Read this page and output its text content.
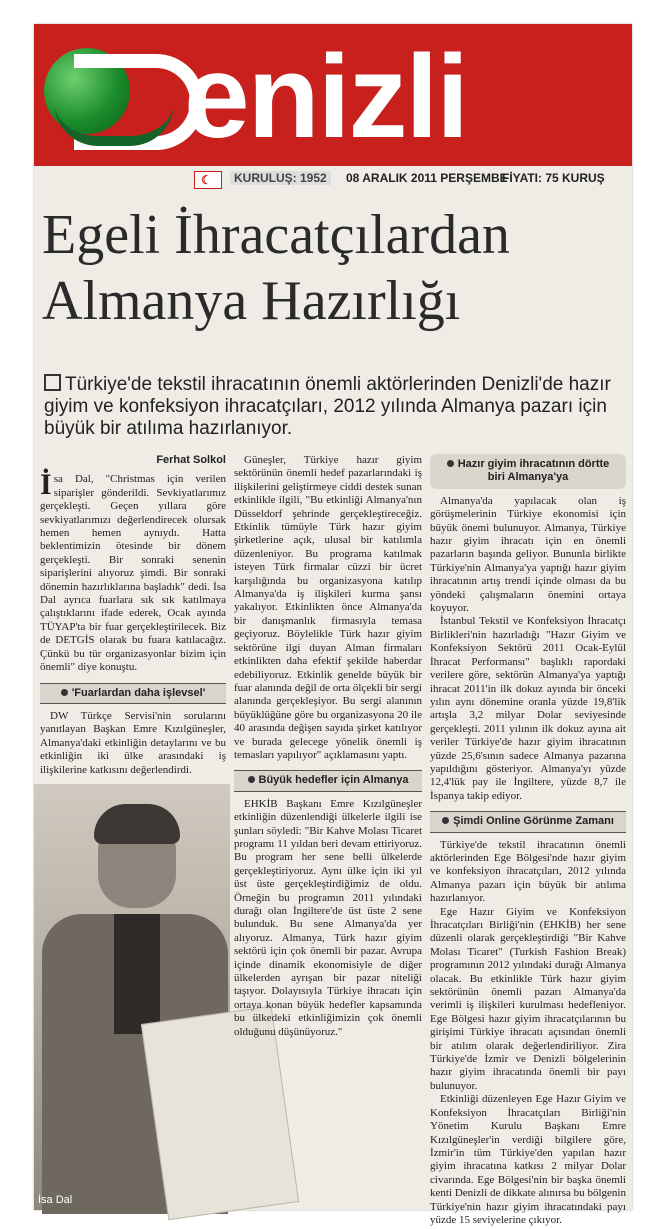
enizli
☾	KURULUŞ: 1952	08 ARALIK 2011 PERŞEMBE
FİYATI: 75 KURUŞ
Egeli İhracatçılardan
Almanya Hazırlığı
Türkiye'de tekstil ihracatının önemli aktörlerinden Denizli'de hazır giyim ve konfeksiyon ihracatçıları, 2012 yılında Almanya pazarı için büyük bir atılıma hazırlanıyor.
Ferhat Solkol
İ sa Dal, "Christmas için verilen siparişler gönderildi. Sevkiyatlarımız gerçekleşti. Geçen yıllara göre sevkiyatlarımızı değerlendirecek olursak hemen hemen aynıydı. Hatta beklentimizin ötesinde bir dönem gerçekleşti. Bir sonraki senenin siparişlerini alıyoruz şimdi. Bir sonraki dönemin hazırlıklarına başladık" dedi. İsa Dal ayrıca fuarlara sık sık katılmaya çalıştıklarını ifade ederek, Ocak ayında TÜYAP'ta bir fuar gerçekleştirilecek. Biz de DETGİS olarak bu fuara katılacağız. Çünkü bu tür organizasyonlar bizim için önemli" diye konuştu.
'Fuarlardan daha işlevsel'

DW Türkçe Servisi'nin sorularını yanıtlayan Başkan Emre Kızılgüneşler, Almanya'daki etkinliğin detaylarını ve bu etkinliğin iki ülke arasındaki iş ilişkilerine katkısını değerlendirdi.

İsa Dal

Güneşler, Türkiye hazır giyim sektörünün önemli hedef pazarlarındaki iş ilişkilerini geliştirmeye ciddi destek sunan etkinlikle ilgili, "Bu etkinliği Almanya'nın Düsseldorf şehrinde gerçekleştireceğiz. Etkinlik tümüyle Türk hazır giyim şirketlerine açık, ulusal bir katılımla düzenleniyor. Bu programa katılmak isteyen Türk firmalar cüzzi bir ücret karşılığında bu organizasyona katılıp Almanya'da iş ilişkileri kurma şansı yakalıyor. Etkinlikten önce Almanya'da bir danışmanlık firmasıyla temasa geçiyoruz. Böylelikle Türk hazır giyim sektörüne ilgi duyan Alman firmaları etkinlikten daha efektif şekilde haberdar edebiliyoruz. Etkinlik genelde büyük bir fuar alanında değil de orta ölçekli bir sergi alanında gerçekleşiyor. Bu sergi alanının büyüklüğüne göre bu organizasyona 20 ile 40 arasında değişen sayıda şirket katılıyor ve burada gelecege yönelik önemli iş temasları yapılıyor" açıklamasını yaptı.

Büyük hedefler için Almanya

EHKİB Başkanı Emre Kızılgüneşler etkinliğin düzenlendiği ülkelerle ilgili ise şunları söyledi: "Bir Kahve Molası Ticaret programı 11 yıldan beri devam ettiriyoruz. Bu program her sene belli ülkelerde gerçekleştiriyoruz. Aynı ülke için iki yıl üst üste gerçekleştirdiğimiz de oldu. Örneğin bu programın 2011 yılındaki durağı olan İngiltere'de üst üste 2 sene bulunduk. Bu sene Almanya'da yer alıyoruz. Almanya, Türk hazır giyim sektörü için çok önemli bir pazar. Avrupa içinde dinamik ekonomisiyle de diğer ülkelerden ayrışan bir pazar niteliği taşıyor. Dolayısıyla Türkiye ihracatı için ortaya konan büyük hedefler kapsamında bu ülkedeki etkinliğimizin çok önemli olduğunu düşünüyoruz."

Hazır giyim ihracatının dörtte biri Almanya'ya

Almanya'da yapılacak olan iş görüşmelerinin Türkiye ekonomisi için büyük önemi bulunuyor. Almanya, Türkiye hazır giyim ihracatı için en önemli pazarların başında geliyor. Bununla birlikte Türkiye'nin Almanya'ya yaptığı hazır giyim ihracatının artış trendi içinde olması da bu yöndeki çalışmaların önemini ortaya koyuyor.

İstanbul Tekstil ve Konfeksiyon İhracatçı Birlikleri'nin hazırladığı "Hazır Giyim ve Konfeksiyon Sektörü 2011 Ocak-Eylül İhracat Performansı" başlıklı rapordaki verilere göre, sektörün Almanya'ya yaptığı ihracat 2011'in ilk dokuz ayında bir önceki yılın aynı dönemine oranla yüzde 19,8'lik artışla 3,2 milyar Dolar seviyesinde gerçekleşti. 2011 yılının ilk dokuz ayına ait veriler Türkiye'de hazır giyim ihracatının yüzde 25,6'sının sadece Almanya pazarına yapıldığını gösteriyor. Almanya'yı yüzde 12,4'lük pay ile İngiltere, yüzde 8,7 ile İspanya takip ediyor.

Şimdi Online Görünme Zamanı

Türkiye'de tekstil ihracatının önemli aktörlerinden Ege Bölgesi'nde hazır giyim ve konfeksiyon ihracatçıları, 2012 yılında Almanya pazarı için büyük bir atılıma hazırlanıyor.

Ege Hazır Giyim ve Konfeksiyon İhracatçıları Birliği'nin (EHKİB) her sene düzenli olarak gerçekleştirdiği "Bir Kahve Molası Ticaret" (Turkish Fashion Break) programının 2012 yılındaki durağı Almanya olacak. Bu etkinlikle Türk hazır giyim sektörünün önemli pazarı Almanya'da verimli iş ilişkileri kurulması hedefleniyor. Ege Bölgesi hazır giyim ihracatçılarının bu girişimi Türkiye ihracatı açısından önemli bir atılım olarak değerlendiriliyor. Zira Türkiye'de İzmir ve Denizli bölgelerinin hazır giyim ihracatında önemli bir payı bulunuyor.

Etkinliği düzenleyen Ege Hazır Giyim ve Konfeksiyon İhracatçıları Birliği'nin Yönetim Kurulu Başkanı Emre Kızılgüneşler'in verdiği bilgilere göre, İzmir'in tüm Türkiye'den yapılan hazır giyim ihracatına katkısı 2 milyar Dolar civarında. Ege Bölgesi'nin bir başka önemli kenti Denizli de dikkate alınırsa bu bölgenin Türkiye'nin hazır giyim ihracatındaki payı yüzde 15 seviyelerine çıkıyor.
